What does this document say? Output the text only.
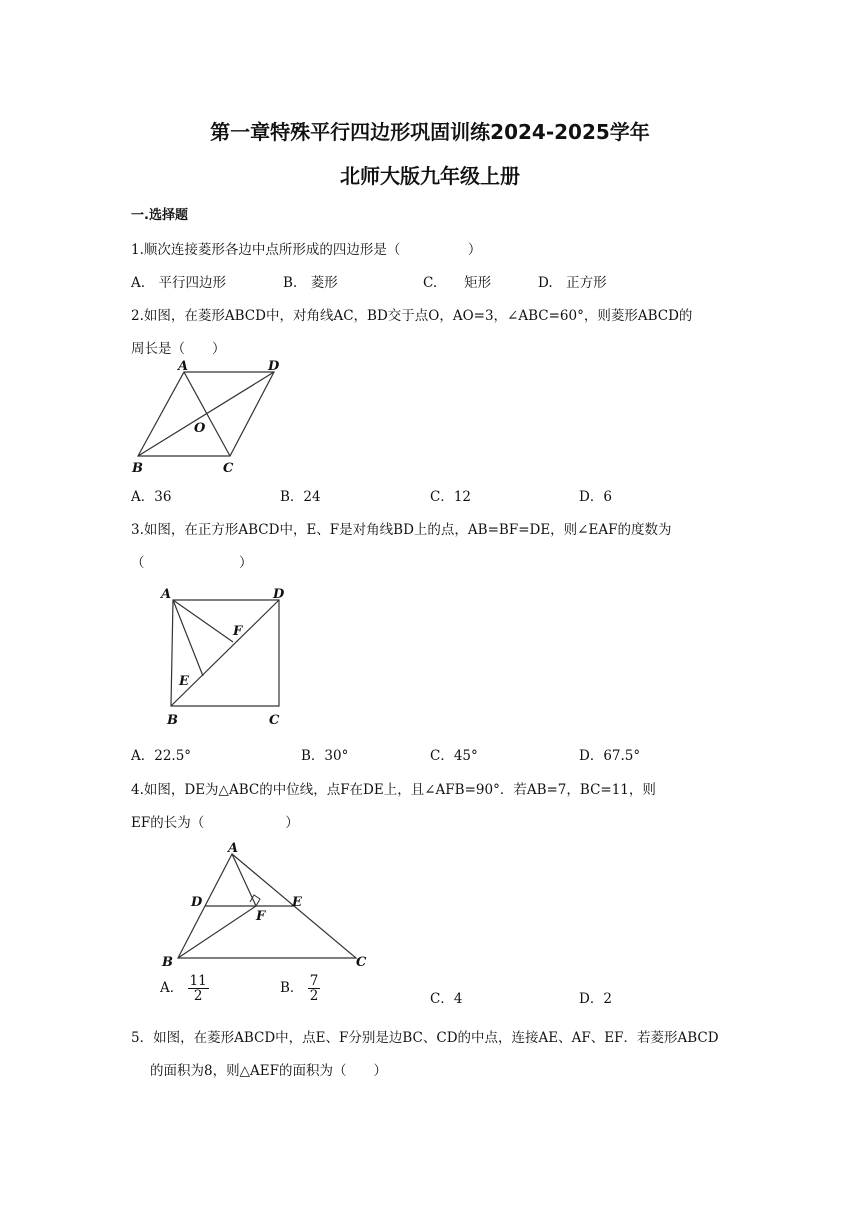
第一章特殊平行四边形巩固训练2024-2025学年
北师大版九年级上册
一.选择题
1.顺次连接菱形各边中点所形成的四边形是（　　　　　）
A.　平行四边形	B.　菱形	C.　　矩形	D.　正方形
2.如图，在菱形ABCD中，对角线AC，BD交于点O，AO=3，∠ABC=60°，则菱形ABCD的
周长是（　　）
A	D
O
B	C
A．36	B．24	C．12	D．6
3.如图，在正方形ABCD中，E、F是对角线BD上的点，AB=BF=DE，则∠EAF的度数为
（　　　　　　　）
A	D
F
E
B	C
A．22.5°	B．30°	C．45°	D．67.5°
4.如图，DE为△ABC的中位线，点F在DE上，且∠AFB=90°．若AB=7，BC=11，则
EF的长为（　　　　　　）
A
D	E
F
B	C
A． $\frac{11}{2}$	B． $\frac{7}{2}$	C．4	D．2
5．如图，在菱形ABCD中，点E、F分别是边BC、CD的中点，连接AE、AF、EF．若菱形ABCD
的面积为8，则△AEF的面积为（　　）
